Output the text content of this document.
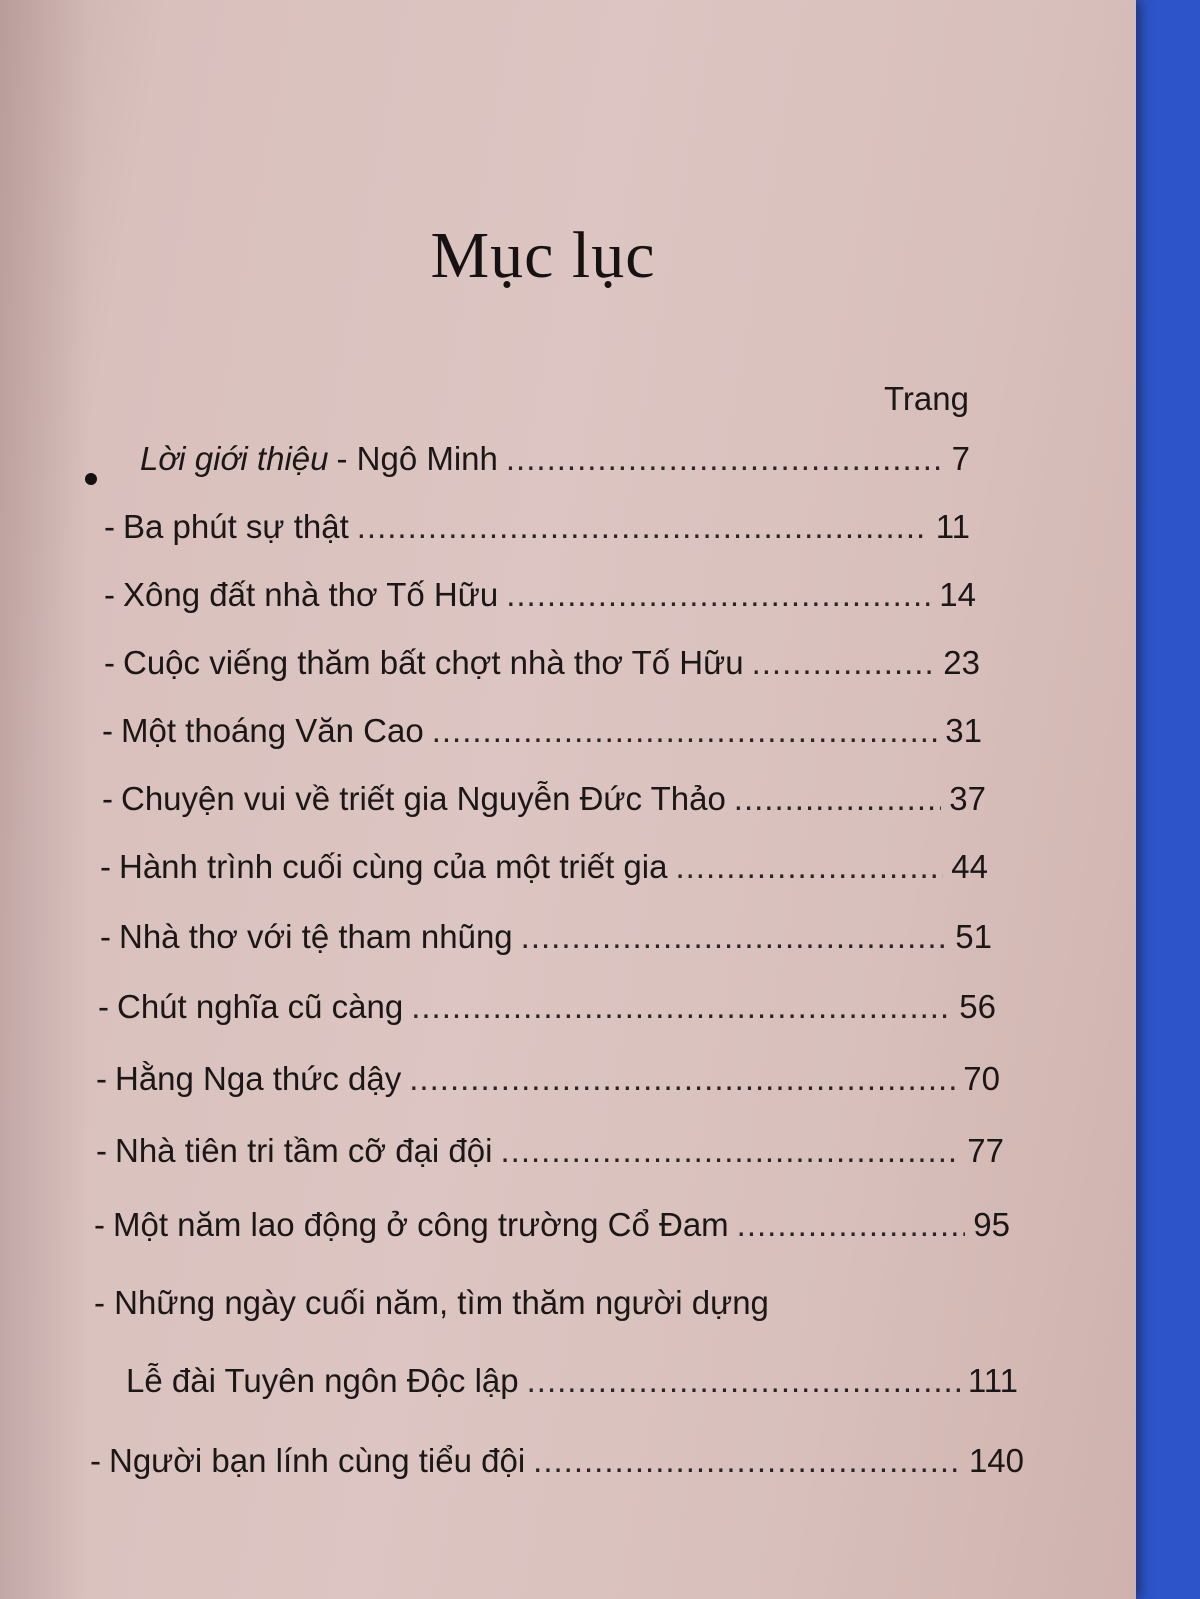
Mục lục
Trang
Lời giới thiệu - Ngô Minh .....	7
- Ba phút sự thật .....	11
- Xông đất nhà thơ Tố Hữu .....	14
- Cuộc viếng thăm bất chợt nhà thơ Tố Hữu .....	23
- Một thoáng Văn Cao .....	31
- Chuyện vui về triết gia Nguyễn Đức Thảo .....	37
- Hành trình cuối cùng của một triết gia .....	44
- Nhà thơ với tệ tham nhũng .....	51
- Chút nghĩa cũ càng .....	56
- Hằng Nga thức dậy .....	70
- Nhà tiên tri tầm cỡ đại đội .....	77
- Một năm lao động ở công trường Cổ Đam .....	95
- Những ngày cuối năm, tìm thăm người dựng
Lễ đài Tuyên ngôn Độc lập .....	111
- Người bạn lính cùng tiểu đội .....	140
